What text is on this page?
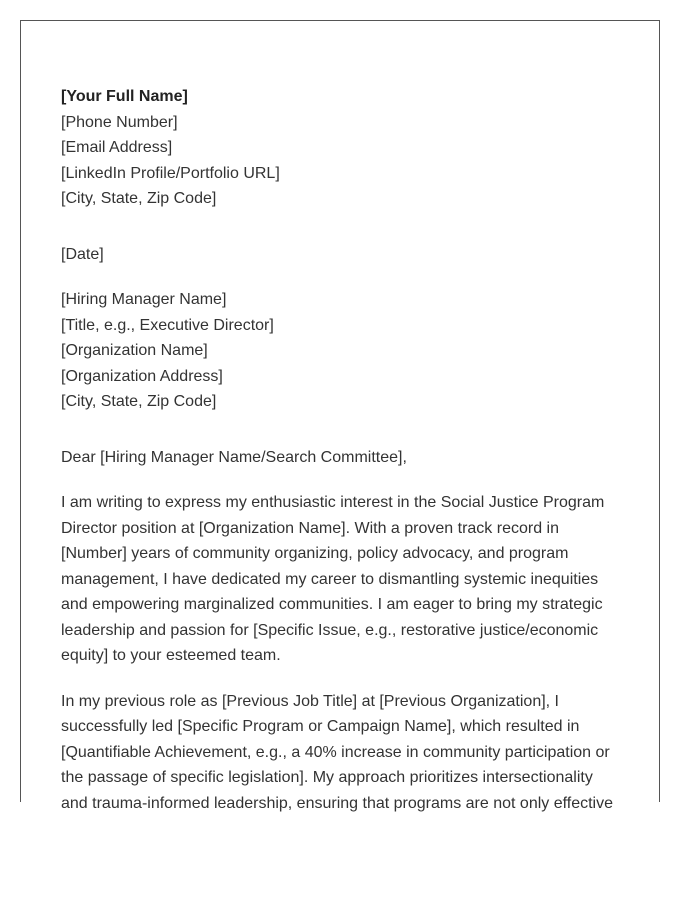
[Your Full Name]
[Phone Number]
[Email Address]
[LinkedIn Profile/Portfolio URL]
[City, State, Zip Code]
[Date]
[Hiring Manager Name]
[Title, e.g., Executive Director]
[Organization Name]
[Organization Address]
[City, State, Zip Code]
Dear [Hiring Manager Name/Search Committee],

I am writing to express my enthusiastic interest in the Social Justice Program Director position at [Organization Name]. With a proven track record in [Number] years of community organizing, policy advocacy, and program management, I have dedicated my career to dismantling systemic inequities and empowering marginalized communities. I am eager to bring my strategic leadership and passion for [Specific Issue, e.g., restorative justice/economic equity] to your esteemed team.

In my previous role as [Previous Job Title] at [Previous Organization], I successfully led [Specific Program or Campaign Name], which resulted in [Quantifiable Achievement, e.g., a 40% increase in community participation or the passage of specific legislation]. My approach prioritizes intersectionality and trauma-informed leadership, ensuring that programs are not only effective
